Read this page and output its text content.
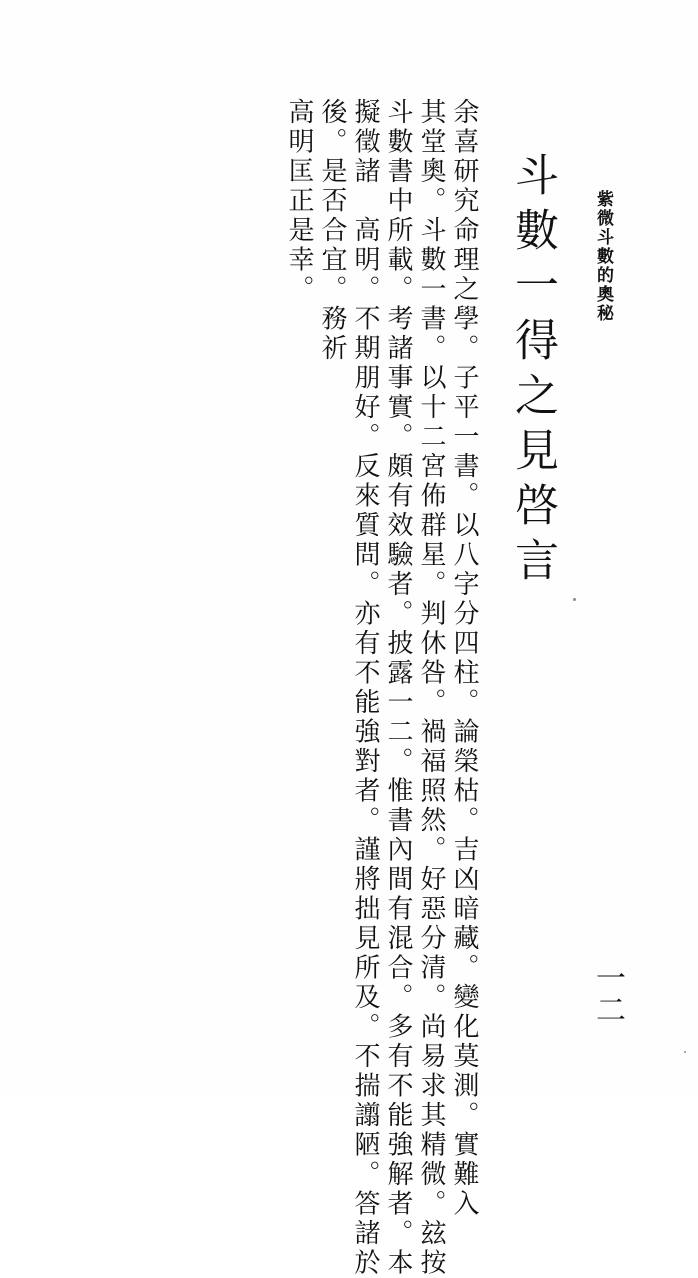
紫微斗數的奧秘
一二
斗數一得之見啓言
余喜研究命理之學。子平一書。以八字分四柱。論榮枯。吉凶暗藏。變化莫測。實難入
其堂奧。斗數一書。以十二宮佈群星。判休咎。禍福照然。好惡分清。尚易求其精微。玆按
斗數書中所載。考諸事實。頗有效驗者。披露一二。惟書內間有混合。多有不能強解者。本
擬徵諸　高明。不期朋好。反來質問。亦有不能強對者。謹將拙見所及。不揣譾陋。答諸於
後。是否合宜。務祈
高明匡正是幸。
